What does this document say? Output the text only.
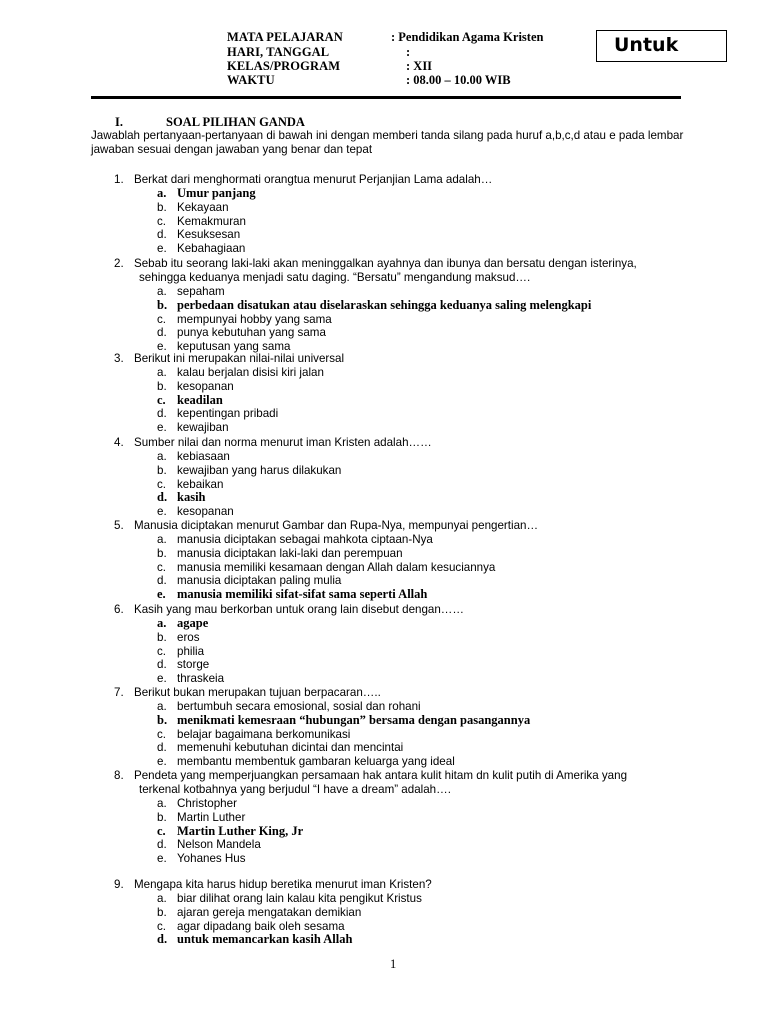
MATA PELAJARAN	: Pendidikan Agama Kristen
HARI, TANGGAL	:
KELAS/PROGRAM	: XII
WAKTU	: 08.00 – 10.00 WIB
Untuk
I.	SOAL PILIHAN GANDA
Jawablah pertanyaan-pertanyaan di bawah ini dengan memberi tanda silang pada huruf a,b,c,d atau e pada lembar jawaban sesuai dengan jawaban yang benar dan tepat
1. Berkat dari menghormati orangtua menurut Perjanjian Lama adalah…
a. Umur panjang
b. Kekayaan
c. Kemakmuran
d. Kesuksesan
e. Kebahagiaan
2. Sebab itu seorang laki-laki akan meninggalkan ayahnya dan ibunya dan bersatu dengan isterinya,
sehingga keduanya menjadi satu daging. “Bersatu” mengandung maksud….
a. sepaham
b. perbedaan disatukan atau diselaraskan sehingga keduanya saling melengkapi
c. mempunyai hobby yang sama
d. punya kebutuhan yang sama
e. keputusan yang sama
3. Berikut ini merupakan nilai-nilai universal
a. kalau berjalan disisi kiri jalan
b. kesopanan
c. keadilan
d. kepentingan pribadi
e. kewajiban
4. Sumber nilai dan norma menurut iman Kristen adalah……
a. kebiasaan
b. kewajiban yang harus dilakukan
c. kebaikan
d. kasih
e. kesopanan
5. Manusia diciptakan menurut Gambar dan Rupa-Nya, mempunyai pengertian…
a. manusia diciptakan sebagai mahkota ciptaan-Nya
b. manusia diciptakan laki-laki dan perempuan
c. manusia memiliki kesamaan dengan Allah dalam kesuciannya
d. manusia diciptakan paling mulia
e. manusia memiliki sifat-sifat sama seperti Allah
6. Kasih yang mau berkorban untuk orang lain disebut dengan……
a. agape
b. eros
c. philia
d. storge
e. thraskeia
7. Berikut bukan merupakan tujuan berpacaran…..
a. bertumbuh secara emosional, sosial dan rohani
b. menikmati kemesraan “hubungan” bersama dengan pasangannya
c. belajar bagaimana berkomunikasi
d. memenuhi kebutuhan dicintai dan mencintai
e. membantu membentuk gambaran keluarga yang ideal
8. Pendeta yang memperjuangkan persamaan hak antara kulit hitam dn kulit putih di Amerika yang
terkenal kotbahnya yang berjudul “I have a dream” adalah….
a. Christopher
b. Martin Luther
c. Martin Luther King, Jr
d. Nelson Mandela
e. Yohanes Hus
9. Mengapa kita harus hidup beretika menurut iman Kristen?
a. biar dilihat orang lain kalau kita pengikut Kristus
b. ajaran gereja mengatakan demikian
c. agar dipadang baik oleh sesama
d. untuk memancarkan kasih Allah
1
